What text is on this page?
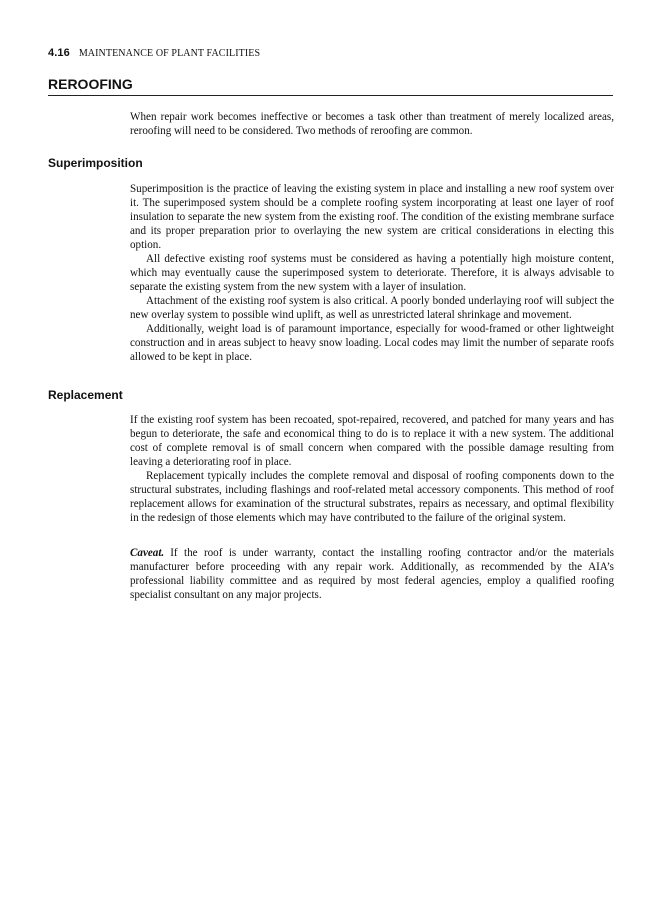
4.16 MAINTENANCE OF PLANT FACILITIES
REROOFING

When repair work becomes ineffective or becomes a task other than treatment of merely localized areas, reroofing will need to be considered. Two methods of reroofing are common.

Superimposition

Superimposition is the practice of leaving the existing system in place and installing a new roof system over it. The superimposed system should be a complete roofing system incorporating at least one layer of roof insulation to separate the new system from the existing roof. The condition of the existing membrane surface and its proper preparation prior to overlaying the new system are critical considerations in electing this option.

All defective existing roof systems must be considered as having a potentially high moisture content, which may eventually cause the superimposed system to deteriorate. Therefore, it is always advisable to separate the existing system from the new system with a layer of insulation.

Attachment of the existing roof system is also critical. A poorly bonded underlaying roof will subject the new overlay system to possible wind uplift, as well as unrestricted lateral shrinkage and movement.

Additionally, weight load is of paramount importance, especially for wood-framed or other lightweight construction and in areas subject to heavy snow loading. Local codes may limit the number of separate roofs allowed to be kept in place.

Replacement

If the existing roof system has been recoated, spot-repaired, recovered, and patched for many years and has begun to deteriorate, the safe and economical thing to do is to replace it with a new system. The additional cost of complete removal is of small concern when compared with the possible damage resulting from leaving a deteriorating roof in place.

Replacement typically includes the complete removal and disposal of roofing components down to the structural substrates, including flashings and roof-related metal accessory components. This method of roof replacement allows for examination of the structural substrates, repairs as necessary, and optimal flexibility in the redesign of those elements which may have contributed to the failure of the original system.

Caveat. If the roof is under warranty, contact the installing roofing contractor and/or the materials manufacturer before proceeding with any repair work. Additionally, as recommended by the AIA’s professional liability committee and as required by most federal agencies, employ a qualified roofing specialist consultant on any major projects.
